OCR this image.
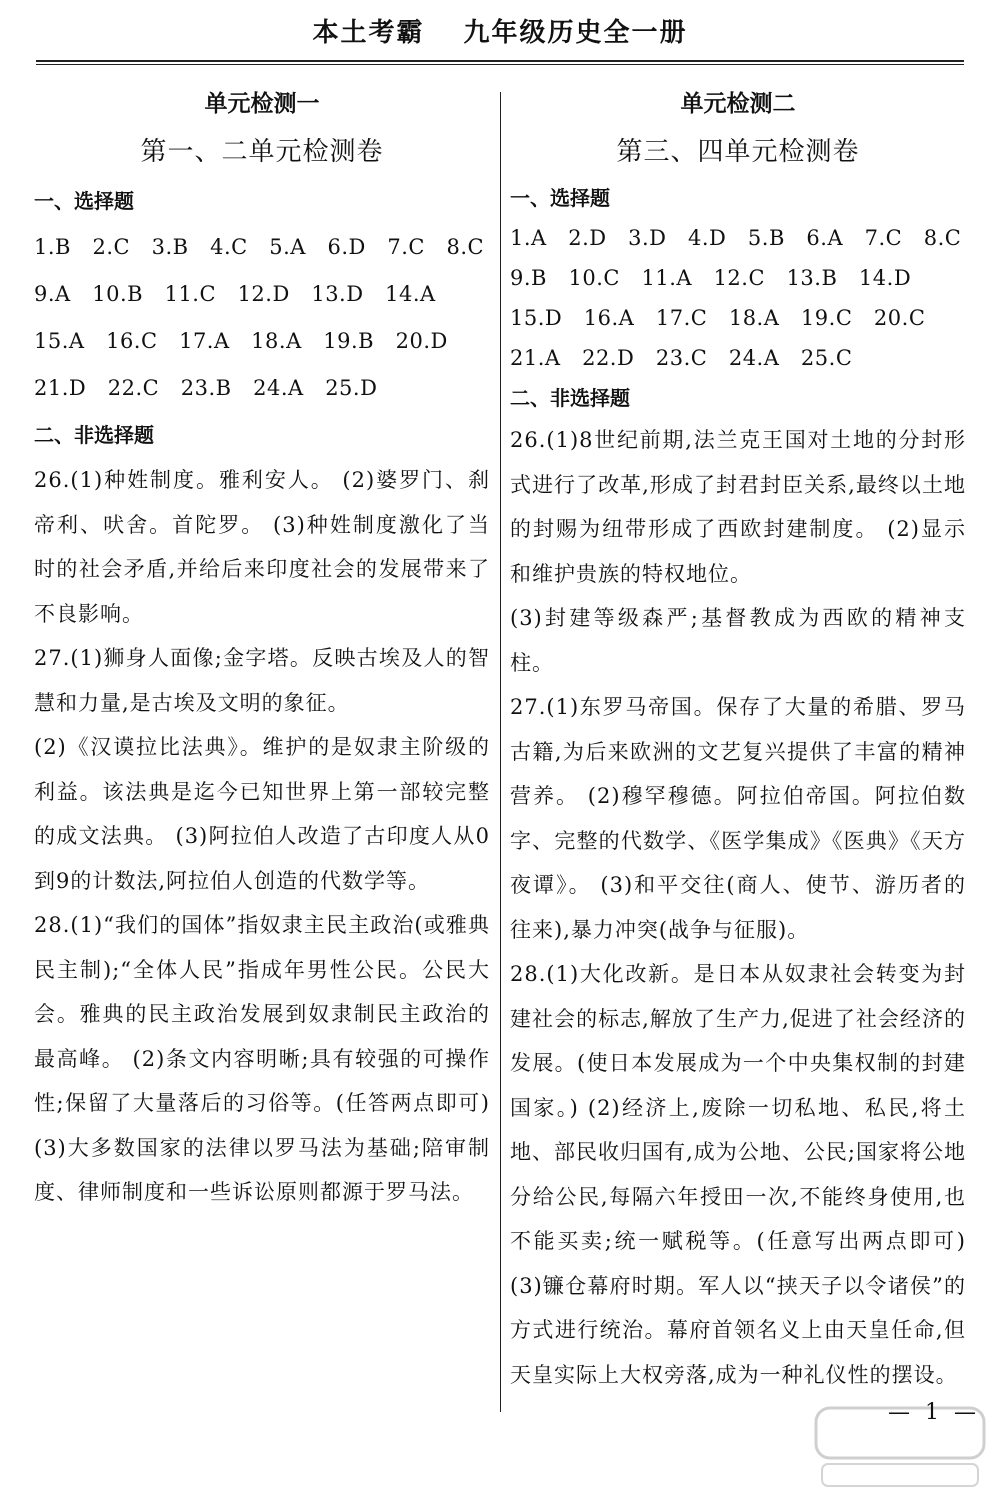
本土考霸 九年级历史全一册

单元检测一

第一、二单元检测卷

一、选择题

1.B   2.C   3.B   4.C   5.A   6.D   7.C   8.C

9.A   10.B   11.C   12.D   13.D   14.A

15.A   16.C   17.A   18.A   19.B   20.D

21.D   22.C   23.B   24.A   25.D

二、非选择题

26.(1)种姓制度。雅利安人。 (2)婆罗门、刹帝利、吠舍。首陀罗。 (3)种姓制度激化了当时的社会矛盾,并给后来印度社会的发展带来了不良影响。

27.(1)狮身人面像;金字塔。反映古埃及人的智慧和力量,是古埃及文明的象征。

(2)《汉谟拉比法典》。维护的是奴隶主阶级的利益。该法典是迄今已知世界上第一部较完整的成文法典。 (3)阿拉伯人改造了古印度人从0到9的计数法,阿拉伯人创造的代数学等。

28.(1)“我们的国体”指奴隶主民主政治(或雅典民主制);“全体人民”指成年男性公民。公民大会。雅典的民主政治发展到奴隶制民主政治的最高峰。 (2)条文内容明晰;具有较强的可操作性;保留了大量落后的习俗等。(任答两点即可) (3)大多数国家的法律以罗马法为基础;陪审制度、律师制度和一些诉讼原则都源于罗马法。

单元检测二

第三、四单元检测卷

一、选择题

1.A   2.D   3.D   4.D   5.B   6.A   7.C   8.C

9.B   10.C   11.A   12.C   13.B   14.D

15.D   16.A   17.C   18.A   19.C   20.C

21.A   22.D   23.C   24.A   25.C

二、非选择题

26.(1)8世纪前期,法兰克王国对土地的分封形式进行了改革,形成了封君封臣关系,最终以土地的封赐为纽带形成了西欧封建制度。 (2)显示和维护贵族的特权地位。

(3)封建等级森严;基督教成为西欧的精神支柱。

27.(1)东罗马帝国。保存了大量的希腊、罗马古籍,为后来欧洲的文艺复兴提供了丰富的精神营养。 (2)穆罕穆德。阿拉伯帝国。阿拉伯数字、完整的代数学、《医学集成》《医典》《天方夜谭》。 (3)和平交往(商人、使节、游历者的往来),暴力冲突(战争与征服)。

28.(1)大化改新。是日本从奴隶社会转变为封建社会的标志,解放了生产力,促进了社会经济的发展。(使日本发展成为一个中央集权制的封建国家。) (2)经济上,废除一切私地、私民,将土地、部民收归国有,成为公地、公民;国家将公地分给公民,每隔六年授田一次,不能终身使用,也不能买卖;统一赋税等。(任意写出两点即可) (3)镰仓幕府时期。军人以“挟天子以令诸侯”的方式进行统治。幕府首领名义上由天皇任命,但天皇实际上大权旁落,成为一种礼仪性的摆设。

— 1 —
